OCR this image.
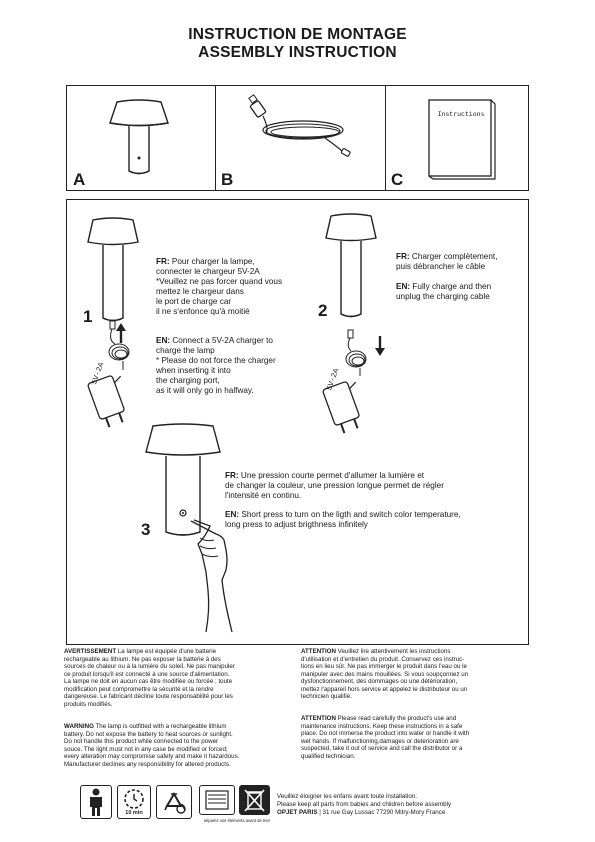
INSTRUCTION DE MONTAGE
ASSEMBLY INSTRUCTION
A	B
Instructions
C
5V-2A
1
FR: Pour charger la lampe,
connecter le chargeur 5V-2A
*Veuillez ne pas forcer quand vous
mettez le chargeur dans
le port de charge car
il ne s'enfonce qu'à moitié
EN: Connect a 5V-2A charger to
charge the lamp
* Please do not force the charger
when inserting it into
the charging port,
as it will only go in halfway.	5V-2A
2
FR: Charger complètement,
puis débrancher le câble
EN: Fully charge and then
unplug the charging cable
3
FR: Une pression courte permet d'allumer la lumière et
de changer la couleur, une pression longue permet de régler
l'intensité en continu.
EN: Short press to turn on the ligth and switch color temperature,
long press to adjust brigthness infinitely
AVERTISSEMENT La lampe est équipée d'une batterie
rechargeable au lithium. Ne pas exposer la batterie à des
sources de chaleur ou à la lumière du soleil. Ne pas manipuler
ce produit lorsqu'il est connecté à une source d'alimentation.
La lampe ne doit en aucun cas être modifiée ou forcée ; toute
modification peut compromettre la sécurité et la rendre
dangereuse. Le fabricant décline toute responsabilité pour les
produits modifiés.
WARNING The lamp is outfitted with a rechargeable lithium
battery. Do not expose the battery to heat sources or sunlight.
Do not handle this product while connected to the power
souce. The light must not in any case be modified or forced;
every alteration may compromise safety and make it hazardous.
Manufacturer declines any responsibility for altered products.
ATTENTION Veuillez lire attentivement les instructions
d'utilisation et d'entretien du produit. Conservez ces instruc-
tions en lieu sûr. Ne pas immerger le produit dans l'eau ou le
manipuler avec des mains mouillées. Si vous soupçonnez un
dysfonctionnement, des dommages ou une détérioration,
mettez l'appareil hors service et appelez le distributeur ou un
technicien qualifié.
ATTENTION Please read carefully the product's use and
maintenance instructions. Keep these instructions in a safe
place. Do not immerse the product into water or handle it with
wet hands. If malfunctioning,damages or deterioration are
suspected, take it out of service and call the distributor or a
qualified technician.
10 min
séparez vos éléments avant de trier
Veuillez éloigner les enfans avant toute installation.
Please keep all parts from babies and children before assembly
OPJET PARIS | 31 rue Gay Lussac 77290 Mitry-Mory France
